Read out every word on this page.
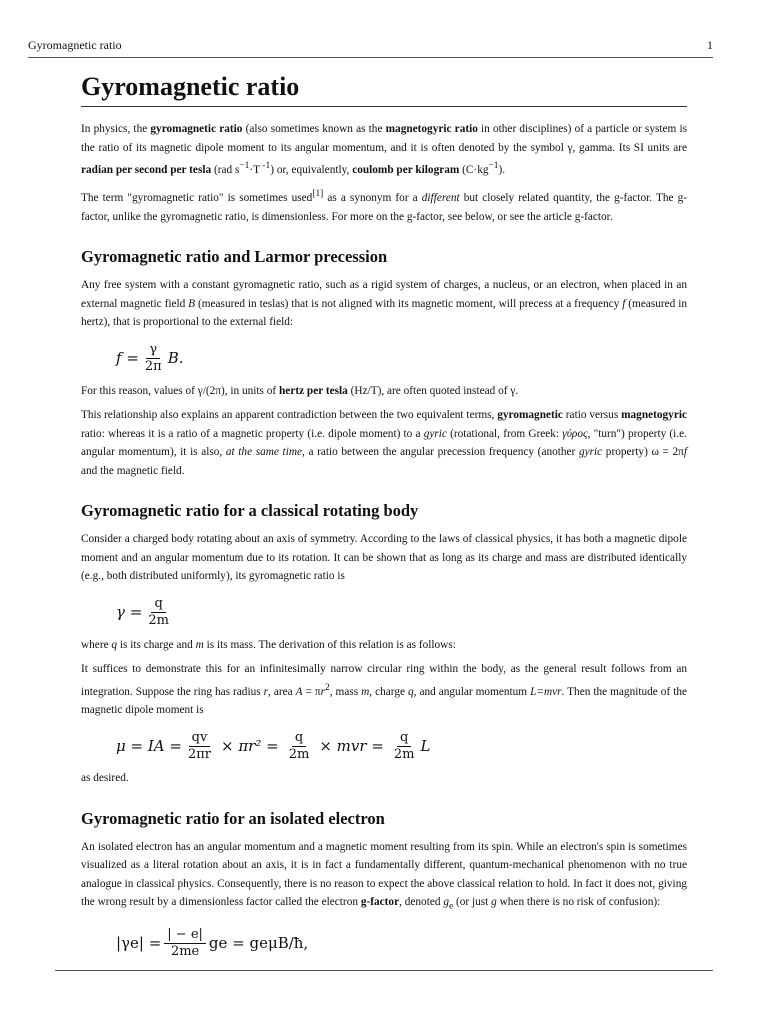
Gyromagnetic ratio	1
Gyromagnetic ratio

In physics, the gyromagnetic ratio (also sometimes known as the magnetogyric ratio in other disciplines) of a particle or system is the ratio of its magnetic dipole moment to its angular momentum, and it is often denoted by the symbol γ, gamma. Its SI units are radian per second per tesla (rad $s^{-1}\cdot T$ $^{-1}$) or, equivalently, coulomb per kilogram $(C\cdot kg^{-1})$.

The term "gyromagnetic ratio" is sometimes used[1] as a synonym for a different but closely related quantity, the g-factor. The g-factor, unlike the gyromagnetic ratio, is dimensionless. For more on the g-factor, see below, or see the article g-factor.

Gyromagnetic ratio and Larmor precession

Any free system with a constant gyromagnetic ratio, such as a rigid system of charges, a nucleus, or an electron, when placed in an external magnetic field B (measured in teslas) that is not aligned with its magnetic moment, will precess at a frequency f (measured in hertz), that is proportional to the external field:

$f = \frac{\gamma}{2\pi} B$.

For this reason, values of γ/(2π), in units of hertz per tesla (Hz/T), are often quoted instead of γ.

This relationship also explains an apparent contradiction between the two equivalent terms, gyromagnetic ratio versus magnetogyric ratio: whereas it is a ratio of a magnetic property (i.e. dipole moment) to a gyric (rotational, from Greek: γύρος, "turn") property (i.e. angular momentum), it is also, at the same time, a ratio between the angular precession frequency (another gyric property) ω = 2πf and the magnetic field.

Gyromagnetic ratio for a classical rotating body

Consider a charged body rotating about an axis of symmetry. According to the laws of classical physics, it has both a magnetic dipole moment and an angular momentum due to its rotation. It can be shown that as long as its charge and mass are distributed identically (e.g., both distributed uniformly), its gyromagnetic ratio is

$\gamma = \frac{q}{2m}$

where q is its charge and m is its mass. The derivation of this relation is as follows:

It suffices to demonstrate this for an infinitesimally narrow circular ring within the body, as the general result follows from an integration. Suppose the ring has radius r, area $A = \pi r^2$, mass m, charge q, and angular momentum L=mvr. Then the magnitude of the magnetic dipole moment is

μ = IA = $\frac{qv}{2\pi r} \times \pi r^2 = \frac{q}{2m}$ × mvr = $\frac{q}{2m}$ L

as desired.

Gyromagnetic ratio for an isolated electron

An isolated electron has an angular momentum and a magnetic moment resulting from its spin. While an electron's spin is sometimes visualized as a literal rotation about an axis, it is in fact a fundamentally different, quantum-mechanical phenomenon with no true analogue in classical physics. Consequently, there is no reason to expect the above classical relation to hold. In fact it does not, giving the wrong result by a dimensionless factor called the electron g-factor, denoted $g_e$ (or just g when there is no risk of confusion):

$|\gamma e| = \frac{| - e|}{2me}$ ge = geμB/ħ,
